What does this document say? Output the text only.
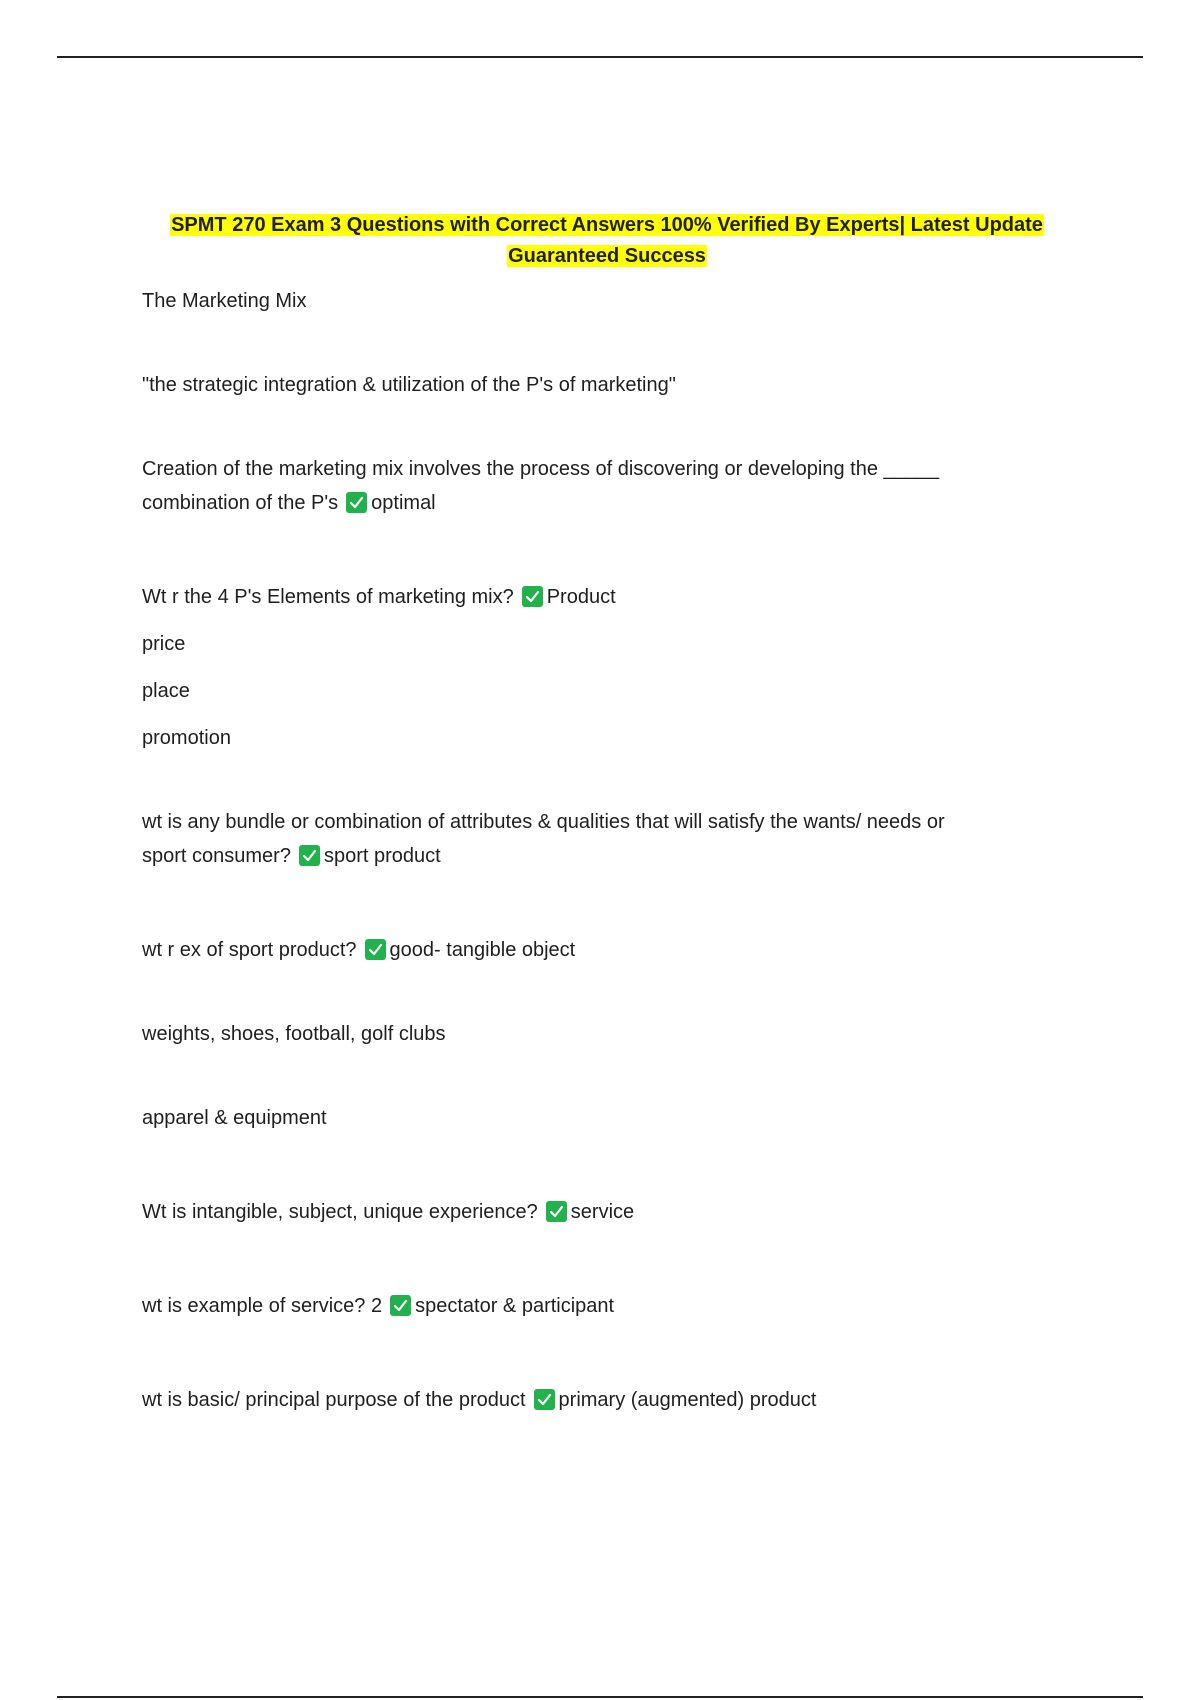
SPMT 270 Exam 3 Questions with Correct Answers 100% Verified By Experts| Latest Update
Guaranteed Success

The Marketing Mix

"the strategic integration & utilization of the P's of marketing"

Creation of the marketing mix involves the process of discovering or developing the _____

combination of the P's optimal

Wt r the 4 P's Elements of marketing mix? Product

price

place

promotion

wt is any bundle or combination of attributes & qualities that will satisfy the wants/ needs or

sport consumer? sport product

wt r ex of sport product? good- tangible object

weights, shoes, football, golf clubs

apparel & equipment

Wt is intangible, subject, unique experience? service

wt is example of service? 2 spectator & participant

wt is basic/ principal purpose of the product primary (augmented) product
